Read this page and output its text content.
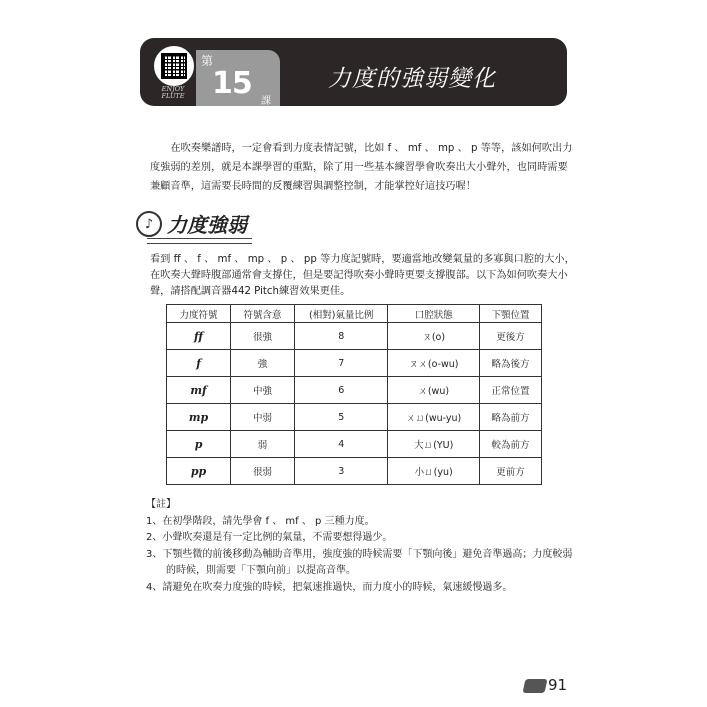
ENJOY
FLUTE
第
15
課
力度的強弱變化

在吹奏樂譜時，一定會看到力度表情記號，比如 f 、 mf 、 mp 、 p 等等，該如何吹出力度強弱的差別，就是本課學習的重點，除了用一些基本練習學會吹奏出大小聲外，也同時需要兼顧音準，這需要長時間的反覆練習與調整控制，才能掌控好這技巧喔！

♪ 力度強弱

看到 ff 、 f 、 mf 、 mp 、 p 、 pp 等力度記號時，要適當地改變氣量的多寡與口腔的大小，在吹奏大聲時腹部通常會支撐住，但是要記得吹奏小聲時更要支撐腹部。以下為如何吹奏大小聲，請搭配調音器442 Pitch練習效果更佳。

力度符號	符號含意	(相對)氣量比例	口腔狀態	下顎位置
ff	很強	8	ㄡ(o)	更後方
f	強	7	ㄡㄨ(o-wu)	略為後方
mf	中強	6	ㄨ(wu)	正常位置
mp	中弱	5	ㄨㄩ(wu-yu)	略為前方
p	弱	4	大ㄩ(YU)	較為前方
pp	很弱	3	小ㄩ(yu)	更前方

【註】

1、在初學階段，請先學會 f 、 mf 、 p 三種力度。

2、小聲吹奏還是有一定比例的氣量，不需要想得過少。

3、下顎些微的前後移動為輔助音準用，強度強的時候需要「下顎向後」避免音準過高；力度較弱的時候，則需要「下顎向前」以提高音準。

4、請避免在吹奏力度強的時候，把氣速推過快，而力度小的時候，氣速緩慢過多。

91
